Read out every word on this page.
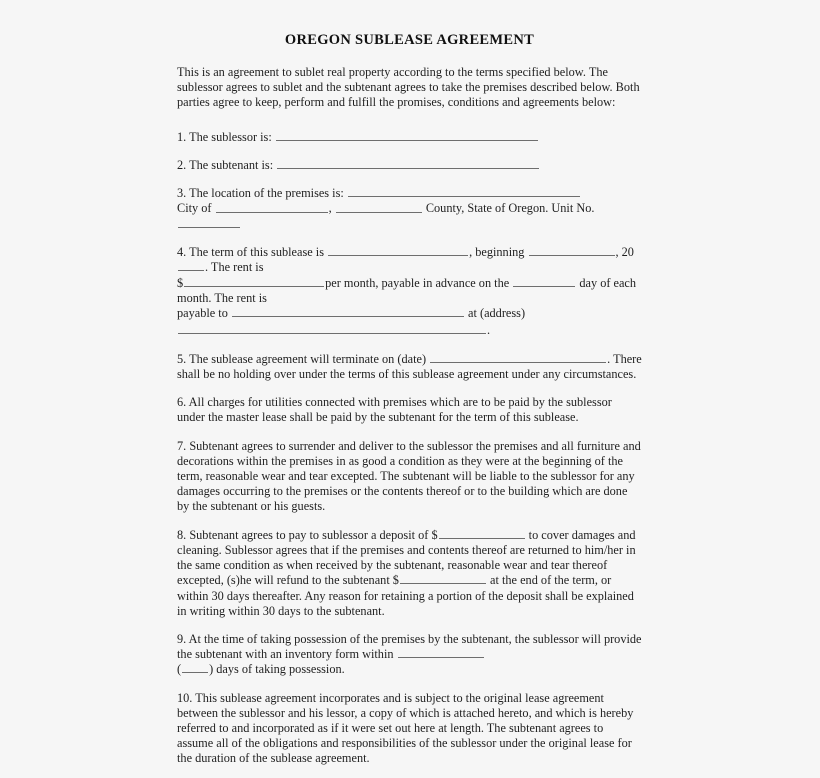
OREGON SUBLEASE AGREEMENT

This is an agreement to sublet real property according to the terms specified below. The sublessor agrees to sublet and the subtenant agrees to take the premises described below. Both parties agree to keep, perform and fulfill the promises, conditions and agreements below:

1. The sublessor is:

2. The subtenant is:

3. The location of the premises is:
City of	,	County, State of Oregon. Unit No.

4. The term of this sublease is	, beginning	, 20. The rent is
$	per month, payable in advance on the	day of each month. The rent is
payable to	at (address)
.

5. The sublease agreement will terminate on (date)	. There shall be no holding over under the terms of this sublease agreement under any circumstances.

6. All charges for utilities connected with premises which are to be paid by the sublessor under the master lease shall be paid by the subtenant for the term of this sublease.

7. Subtenant agrees to surrender and deliver to the sublessor the premises and all furniture and decorations within the premises in as good a condition as they were at the beginning of the term, reasonable wear and tear excepted. The subtenant will be liable to the sublessor for any damages occurring to the premises or the contents thereof or to the building which are done by the subtenant or his guests.

8. Subtenant agrees to pay to sublessor a deposit of $	to cover damages and cleaning. Sublessor agrees that if the premises and contents thereof are returned to him/her in the same condition as when received by the subtenant, reasonable wear and tear thereof excepted, (s)he will refund to the subtenant $	at the end of the term, or within 30 days thereafter. Any reason for retaining a portion of the deposit shall be explained in writing within 30 days to the subtenant.

9. At the time of taking possession of the premises by the subtenant, the sublessor will provide the subtenant with an inventory form within  ( ) days of taking possession.

10. This sublease agreement incorporates and is subject to the original lease agreement between the sublessor and his lessor, a copy of which is attached hereto, and which is hereby referred to and incorporated as if it were set out here at length. The subtenant agrees to assume all of the obligations and responsibilities of the sublessor under the original lease for the duration of the sublease agreement.
